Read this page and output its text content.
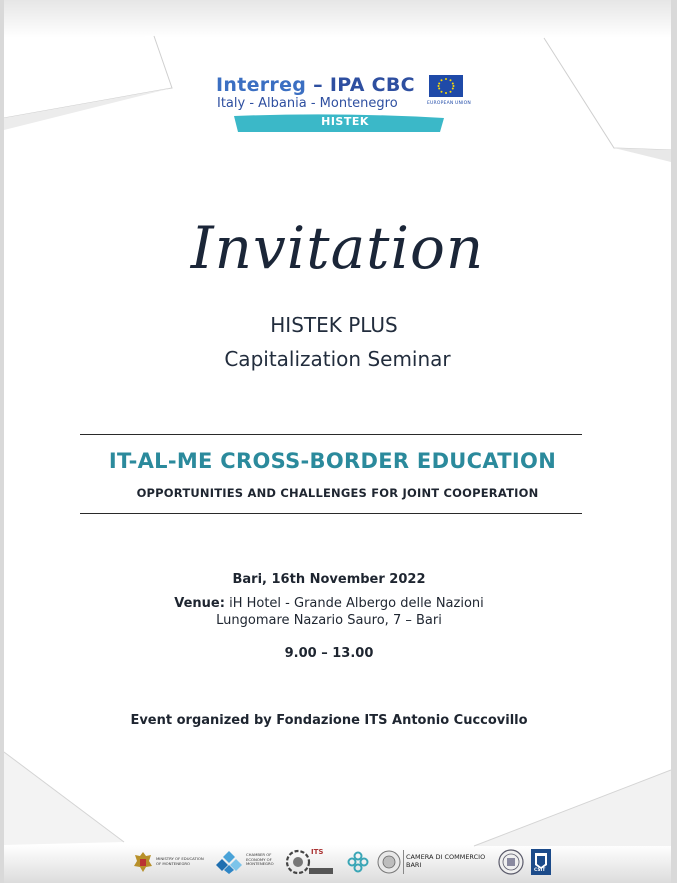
Interreg – IPA CBC
Italy - Albania - Montenegro	EUROPEAN UNION
HISTEK
Invitation
HISTEK PLUS
Capitalization Seminar
IT-AL-ME CROSS-BORDER EDUCATION
OPPORTUNITIES AND CHALLENGES FOR JOINT COOPERATION
Bari, 16th November 2022
Venue: iH Hotel - Grande Albergo delle Nazioni
Lungomare Nazario Sauro, 7 – Bari
9.00 – 13.00
Event organized by Fondazione ITS Antonio Cuccovillo
MINISTRY OF EDUCATION
OF MONTENEGRO
CHAMBER OF
ECONOMY OF
MONTENEGRO
ITS
CAMERA DI COMMERCIO
BARI
CSIT
